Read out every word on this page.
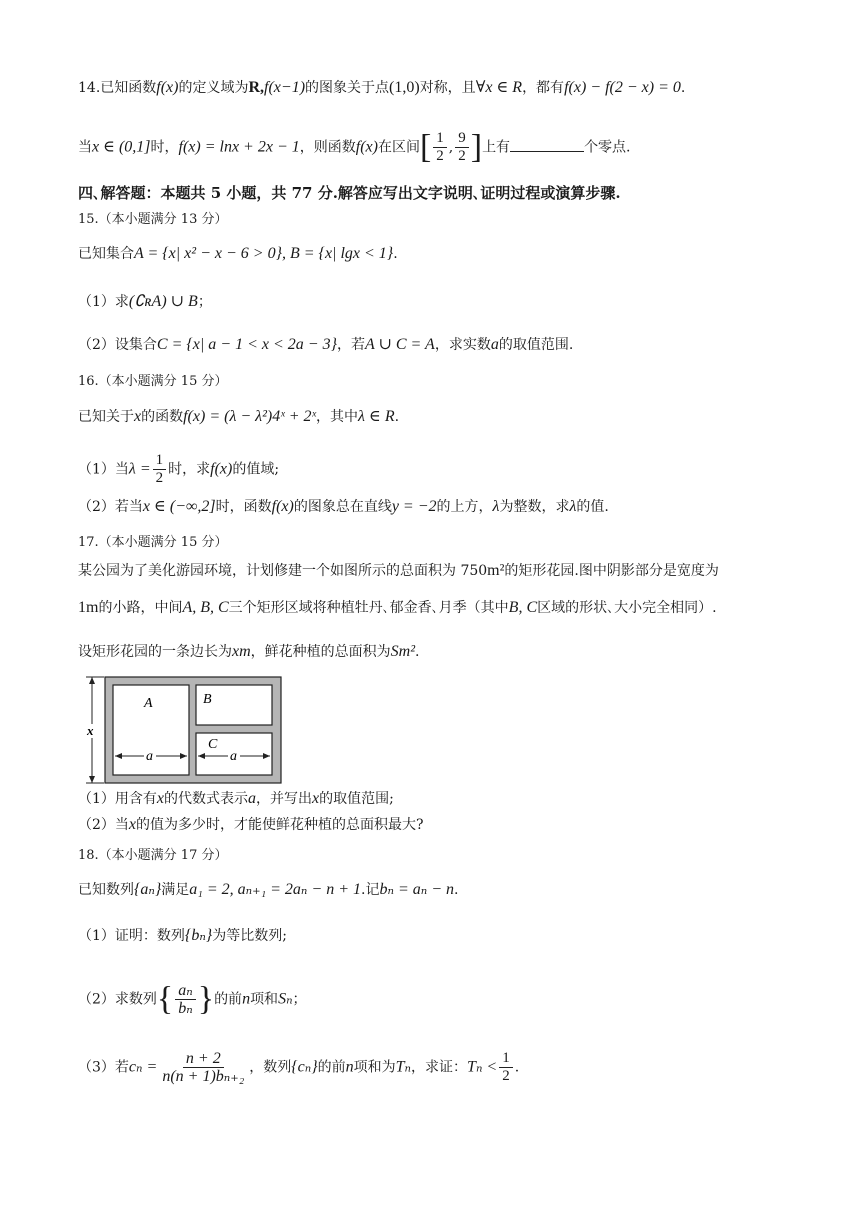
14.已知函数f(x)的定义域为R,f(x−1)的图象关于点(1,0)对称，且∀x ∈ R，都有f(x) − f(2 − x) = 0.
当x ∈ (0,1]时，f(x) = lnx + 2x − 1，则函数f(x)在区间[ $\frac{1}{2}$ , $\frac{9}{2}$ ]上有	个零点.
四､解答题：本题共 5 小题，共 77 分.解答应写出文字说明､证明过程或演算步骤.
15.（本小题满分 13 分）
已知集合A = {x| x² − x − 6 > 0}, B = {x| lgx < 1}.
（1）求(∁ʀA) ∪ B；
（2）设集合C = {x| a − 1 < x < 2a − 3}，若A ∪ C = A，求实数a的取值范围.
16.（本小题满分 15 分）
已知关于x的函数f(x) = (λ − λ²)4ˣ + 2ˣ，其中λ ∈ R.
（1）当$\lambda = \frac{1}{2}$ 时，求f(x)的值域;
（2）若当x ∈ (−∞,2]时，函数f(x)的图象总在直线y = −2的上方，λ为整数，求λ的值.
17.（本小题满分 15 分）
某公园为了美化游园环境，计划修建一个如图所示的总面积为 750m²的矩形花园.图中阴影部分是宽度为
1m的小路，中间A, B, C三个矩形区域将种植牡丹､郁金香､月季（其中B, C区域的形状､大小完全相同）.
设矩形花园的一条边长为xm，鲜花种植的总面积为Sm².
x
A	B
C
a	a
（1）用含有x的代数式表示a，并写出x的取值范围;
（2）当x的值为多少时，才能使鲜花种植的总面积最大?
18.（本小题满分 17 分）
已知数列{aₙ}满足a₁ = 2, aₙ₊₁ = 2aₙ − n + 1.记bₙ = aₙ − n.
（1）证明：数列{bₙ}为等比数列;
（2）求数列{ $\frac{\text{aₙ}}{\text{bₙ}}$ }的前n项和Sₙ；
（3）若$c_n = \frac{n + 2}{\text{n(n + 1)bₙ₊₂}}$ ，数列{cₙ}的前n项和为Tₙ，求证：$T_n < \frac{1}{2}$ .
